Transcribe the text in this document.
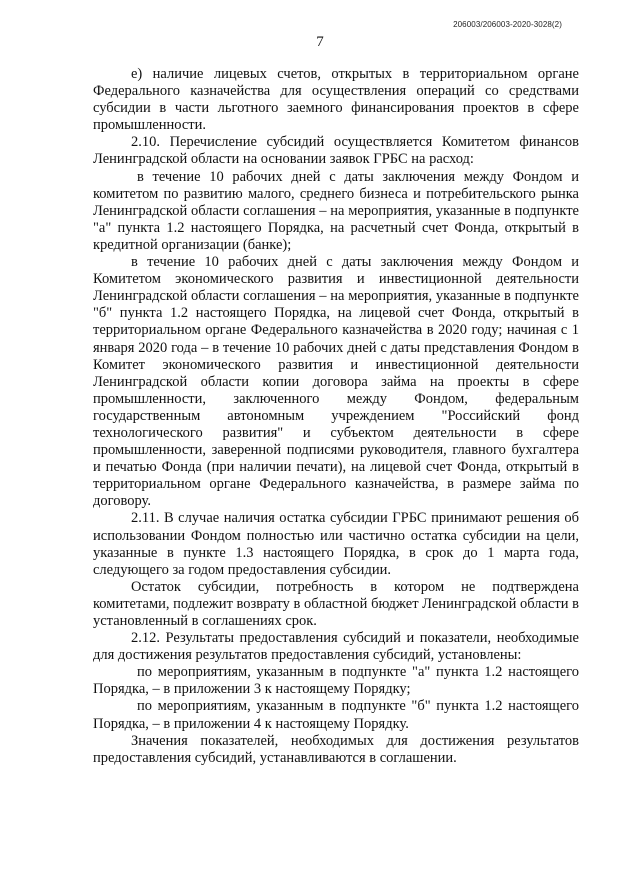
206003/206003-2020-3028(2)
7

е) наличие лицевых счетов, открытых в территориальном органе Федерального казначейства для осуществления операций со средствами субсидии в части льготного заемного финансирования проектов в сфере промышленности.

2.10. Перечисление субсидий осуществляется Комитетом финансов Ленинградской области на основании заявок ГРБС на расход:

в течение 10 рабочих дней с даты заключения между Фондом и комитетом по развитию малого, среднего бизнеса и потребительского рынка Ленинградской области соглашения – на мероприятия, указанные в подпункте "а" пункта 1.2 настоящего Порядка, на расчетный счет Фонда, открытый в кредитной организации (банке);

в течение 10 рабочих дней с даты заключения между Фондом и Комитетом экономического развития и инвестиционной деятельности Ленинградской области соглашения – на мероприятия, указанные в подпункте "б" пункта 1.2 настоящего Порядка, на лицевой счет Фонда, открытый в территориальном органе Федерального казначейства в 2020 году; начиная с 1 января 2020 года – в течение 10 рабочих дней с даты представления Фондом в Комитет экономического развития и инвестиционной деятельности Ленинградской области копии договора займа на проекты в сфере промышленности, заключенного между Фондом, федеральным государственным автономным учреждением "Российский фонд технологического развития" и субъектом деятельности в сфере промышленности, заверенной подписями руководителя, главного бухгалтера и печатью Фонда (при наличии печати), на лицевой счет Фонда, открытый в территориальном органе Федерального казначейства, в размере займа по договору.

2.11. В случае наличия остатка субсидии ГРБС принимают решения об использовании Фондом полностью или частично остатка субсидии на цели, указанные в пункте 1.3 настоящего Порядка, в срок до 1 марта года, следующего за годом предоставления субсидии.

Остаток субсидии, потребность в котором не подтверждена комитетами, подлежит возврату в областной бюджет Ленинградской области в установленный в соглашениях срок.

2.12. Результаты предоставления субсидий и показатели, необходимые для достижения результатов предоставления субсидий, установлены:

по мероприятиям, указанным в подпункте "а" пункта 1.2 настоящего Порядка, – в приложении 3 к настоящему Порядку;

по мероприятиям, указанным в подпункте "б" пункта 1.2 настоящего Порядка, – в приложении 4 к настоящему Порядку.

Значения показателей, необходимых для достижения результатов предоставления субсидий, устанавливаются в соглашении.
